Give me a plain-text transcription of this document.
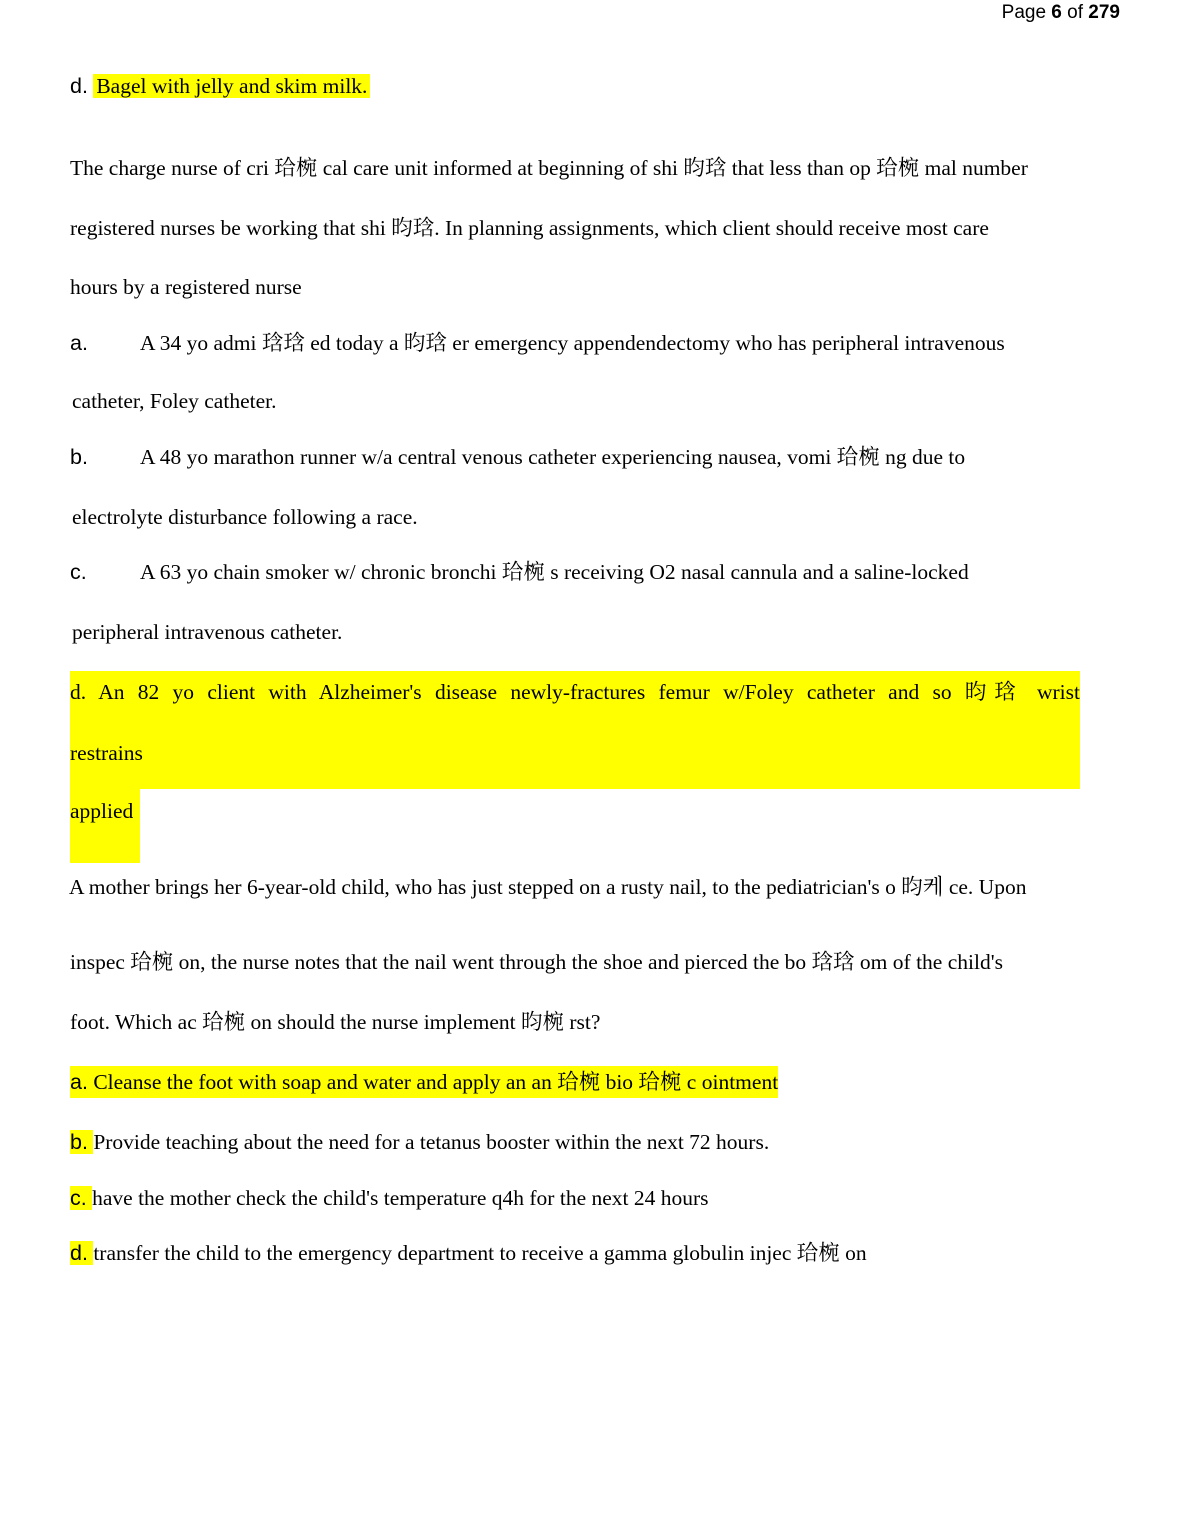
Page 6 of 279
d. Bagel with jelly and skim milk.
The charge nurse of cri 珨椀 cal care unit informed at beginning of shi 昀琀 that less than op 珨椀 mal number
registered nurses be working that shi 昀琀. In planning assignments, which client should receive most care
hours by a registered nurse
a. A 34 yo admi 琀琀 ed today a 昀琀 er emergency appendendectomy who has peripheral intravenous
catheter, Foley catheter.
b. A 48 yo marathon runner w/a central venous catheter experiencing nausea, vomi 珨椀 ng due to
electrolyte disturbance following a race.
c. A 63 yo chain smoker w/ chronic bronchi 珨椀 s receiving O2 nasal cannula and a saline-locked
peripheral intravenous catheter.
d. An 82 yo client with Alzheimer's disease newly-fractures femur w/Foley catheter and so 昀琀 wrist
restrains
applied
A mother brings her 6-year-old child, who has just stepped on a rusty nail, to the pediatrician's o 昀케 ce. Upon
inspec 珨椀 on, the nurse notes that the nail went through the shoe and pierced the bo 琀琀 om of the child's
foot. Which ac 珨椀 on should the nurse implement 昀椀 rst?
a. Cleanse the foot with soap and water and apply an an 珨椀 bio 珨椀 c ointment
b. Provide teaching about the need for a tetanus booster within the next 72 hours.
c. have the mother check the child's temperature q4h for the next 24 hours
d. transfer the child to the emergency department to receive a gamma globulin injec 珨椀 on
